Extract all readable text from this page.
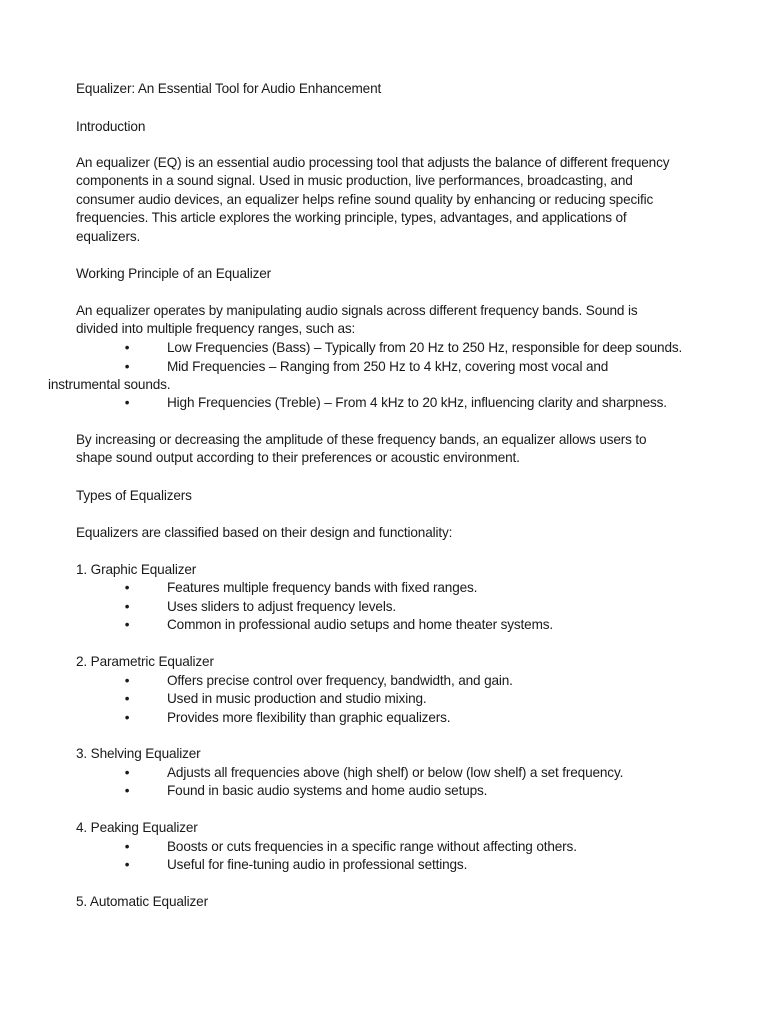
Equalizer: An Essential Tool for Audio Enhancement
Introduction
An equalizer (EQ) is an essential audio processing tool that adjusts the balance of different frequency
components in a sound signal. Used in music production, live performances, broadcasting, and
consumer audio devices, an equalizer helps refine sound quality by enhancing or reducing specific
frequencies. This article explores the working principle, types, advantages, and applications of
equalizers.
Working Principle of an Equalizer
An equalizer operates by manipulating audio signals across different frequency bands. Sound is
divided into multiple frequency ranges, such as:
•	Low Frequencies (Bass) – Typically from 20 Hz to 250 Hz, responsible for deep sounds.
•	Mid Frequencies – Ranging from 250 Hz to 4 kHz, covering most vocal and
instrumental sounds.
•	High Frequencies (Treble) – From 4 kHz to 20 kHz, influencing clarity and sharpness.
By increasing or decreasing the amplitude of these frequency bands, an equalizer allows users to
shape sound output according to their preferences or acoustic environment.
Types of Equalizers
Equalizers are classified based on their design and functionality:
1. Graphic Equalizer
•	Features multiple frequency bands with fixed ranges.
•	Uses sliders to adjust frequency levels.
•	Common in professional audio setups and home theater systems.
2. Parametric Equalizer
•	Offers precise control over frequency, bandwidth, and gain.
•	Used in music production and studio mixing.
•	Provides more flexibility than graphic equalizers.
3. Shelving Equalizer
•	Adjusts all frequencies above (high shelf) or below (low shelf) a set frequency.
•	Found in basic audio systems and home audio setups.
4. Peaking Equalizer
•	Boosts or cuts frequencies in a specific range without affecting others.
•	Useful for fine-tuning audio in professional settings.
5. Automatic Equalizer
